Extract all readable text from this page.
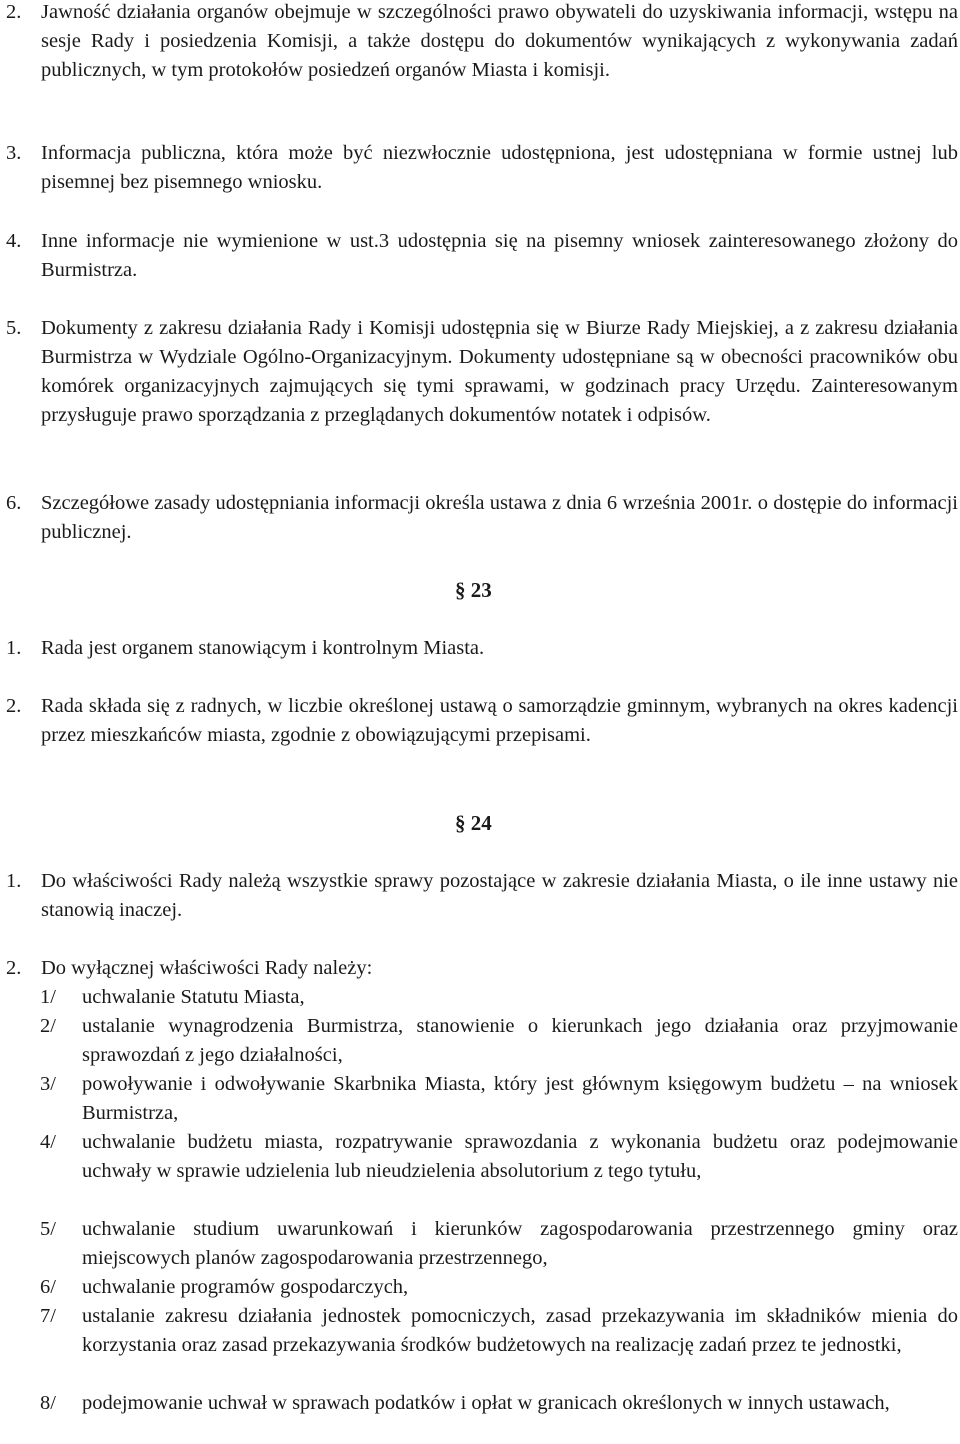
2. Jawność działania organów obejmuje w szczególności prawo obywateli do uzyskiwania informacji, wstępu na sesje Rady i posiedzenia Komisji, a także dostępu do dokumentów wynikających z wykonywania zadań publicznych, w tym protokołów posiedzeń organów Miasta i komisji.
3. Informacja publiczna, która może być niezwłocznie udostępniona, jest udostępniana w formie ustnej lub pisemnej bez pisemnego wniosku.
4. Inne informacje nie wymienione w ust.3 udostępnia się na pisemny wniosek zainteresowanego złożony do Burmistrza.
5. Dokumenty z zakresu działania Rady i Komisji udostępnia się w Biurze Rady Miejskiej, a z zakresu działania Burmistrza w Wydziale Ogólno-Organizacyjnym. Dokumenty udostępniane są w obecności pracowników obu komórek organizacyjnych zajmujących się tymi sprawami, w godzinach pracy Urzędu. Zainteresowanym przysługuje prawo sporządzania z przeglądanych dokumentów notatek i odpisów.
6. Szczegółowe zasady udostępniania informacji określa ustawa z dnia 6 września 2001r. o dostępie do informacji publicznej.
§ 23
1. Rada jest organem stanowiącym i kontrolnym Miasta.
2. Rada składa się z radnych, w liczbie określonej ustawą o samorządzie gminnym, wybranych na okres kadencji przez mieszkańców miasta, zgodnie z obowiązującymi przepisami.
§ 24
1. Do właściwości Rady należą wszystkie sprawy pozostające w zakresie działania Miasta, o ile inne ustawy nie stanowią inaczej.
2. Do wyłącznej właściwości Rady należy:
1/	uchwalanie Statutu Miasta,
2/	ustalanie wynagrodzenia Burmistrza, stanowienie o kierunkach jego działania oraz przyjmowanie sprawozdań z jego działalności,
3/	powoływanie i odwoływanie Skarbnika Miasta, który jest głównym księgowym budżetu – na wniosek Burmistrza,
4/	uchwalanie budżetu miasta, rozpatrywanie sprawozdania z wykonania budżetu oraz podejmowanie uchwały w sprawie udzielenia lub nieudzielenia absolutorium z tego tytułu,
5/	uchwalanie studium uwarunkowań i kierunków zagospodarowania przestrzennego gminy oraz miejscowych planów zagospodarowania przestrzennego,
6/	uchwalanie programów gospodarczych,
7/	ustalanie zakresu działania jednostek pomocniczych, zasad przekazywania im składników mienia do korzystania oraz zasad przekazywania środków budżetowych na realizację zadań przez te jednostki,
8/	podejmowanie uchwał w sprawach podatków i opłat w granicach określonych w innych ustawach,
